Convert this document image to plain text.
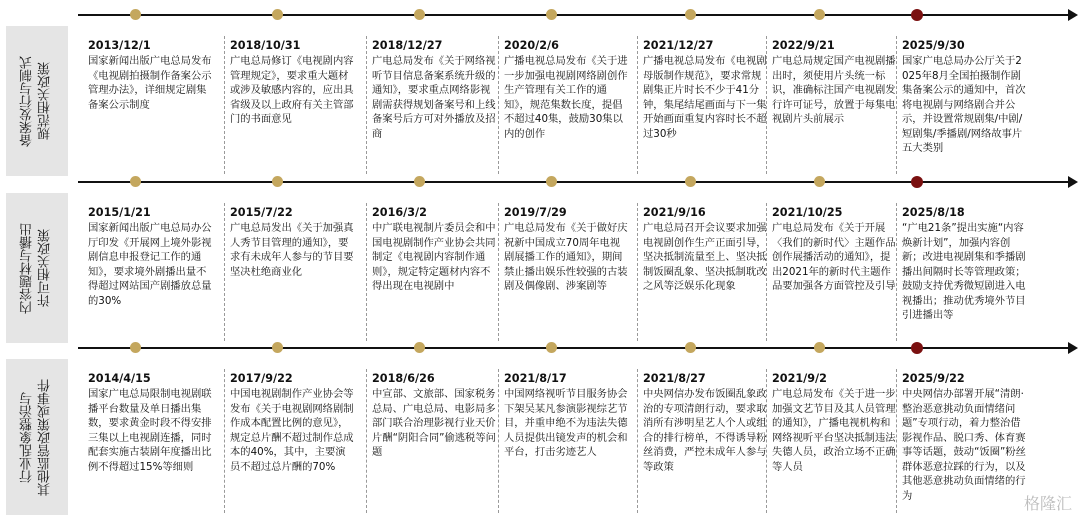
备案发行与制式
规范相关政策
2013/12/1
国家新闻出版广电总局发布《电视剧拍摄制作备案公示管理办法》，详细规定剧集备案公示制度
2018/10/31
广电总局修订《电视剧内容管理规定》，要求重大题材或涉及敏感内容的，应出具省级及以上政府有关主管部门的书面意见
2018/12/27
广电总局发布《关于网络视听节目信息备案系统升级的通知》，要求重点网络影视剧需获得规划备案号和上线备案号后方可对外播放及招商
2020/2/6
广播电视总局发布《关于进一步加强电视剧网络剧创作生产管理有关工作的通知》，规范集数长度，提倡不超过40集，鼓励30集以内的创作
2021/12/27
广播电视总局发布《电视剧母版制作规范》，要求常规剧集正片时长不少于41分钟，集尾结尾画面与下一集开始画面重复内容时长不超过30秒
2022/9/21
广电总局规定国产电视剧播出时，须使用片头统一标识，准确标注国产电视剧发行许可证号，放置于每集电视剧片头前展示
2025/9/30
国家广电总局办公厅关于2025年8月全国拍摄制作剧集备案公示的通知中，首次将电视剧与网络剧合并公示，并设置常规剧集/中剧/短剧集/季播剧/网络故事片五大类别
内容题材与播出
许可相关政策
2015/1/21
国家新闻出版广电总局办公厅印发《开展网上境外影视剧信息申报登记工作的通知》，要求境外剧播出量不得超过网站国产剧播放总量的30%
2015/7/22
广电总局发出《关于加强真人秀节目管理的通知》，要求有未成年人参与的节目要坚决杜绝商业化
2016/3/2
中广联电视制片委员会和中国电视剧制作产业协会共同制定《电视剧内容制作通则》，规定特定题材内容不得出现在电视剧中
2019/7/29
广电总局发布《关于做好庆祝新中国成立70周年电视剧展播工作的通知》，期间禁止播出娱乐性较强的古装剧及偶像剧、涉案剧等
2021/9/16
广电总局召开会议要求加强电视剧创作生产正面引导，坚决抵制流量至上、坚决抵制饭圈乱象、坚决抵制耽改之风等泛娱乐化现象
2021/10/25
广电总局发布《关于开展〈我们的新时代〉主题作品创作展播活动的通知》，提出2021年的新时代主题作品要加强各方面管控及引导
2025/8/18
“广电21条”提出实施“内容焕新计划”，加强内容创新；改进电视剧集和季播剧播出间隔时长等管理政策；鼓励支持优秀微短剧进入电视播出；推动优秀境外节目引进播出等
行业乱象整治与
其他监管政策或事件	2014/4/15
国家广电总局限制电视剧联播平台数量及单日播出集数，要求黄金时段不得安排三集以上电视剧连播，同时配套实施古装剧年度播出比例不得超过15%等细则
2017/9/22
中国电视剧制作产业协会等发布《关于电视剧网络剧制作成本配置比例的意见》，规定总片酬不超过制作总成本的40%，其中，主要演员不超过总片酬的70%
2018/6/26
中宣部、文旅部、国家税务总局、广电总局、电影局多部门联合治理影视行业天价片酬“阴阳合同”偷逃税等问题
2021/8/17
中国网络视听节目服务协会下架吴某凡参演影视综艺节目，并重申绝不为违法失德人员提供出镜发声的机会和平台，打击劣迹艺人
2021/8/27
中央网信办发布饭圈乱象政治的专项清朗行动，要求取消所有涉明星艺人个人或组合的排行榜单，不得诱导粉丝消费，严控未成年人参与等政策
2021/9/2
广电总局发布《关于进一步加强文艺节目及其人员管理的通知》，广播电视机构和网络视听平台坚决抵制违法失德人员，政治立场不正确等人员
2025/9/22
中央网信办部署开展“清朗·整治恶意挑动负面情绪问题”专项行动，着力整治借影视作品、脱口秀、体育赛事等话题，鼓动“饭圈”粉丝群体恶意拉踩的行为，以及其他恶意挑动负面情绪的行为	格隆汇
